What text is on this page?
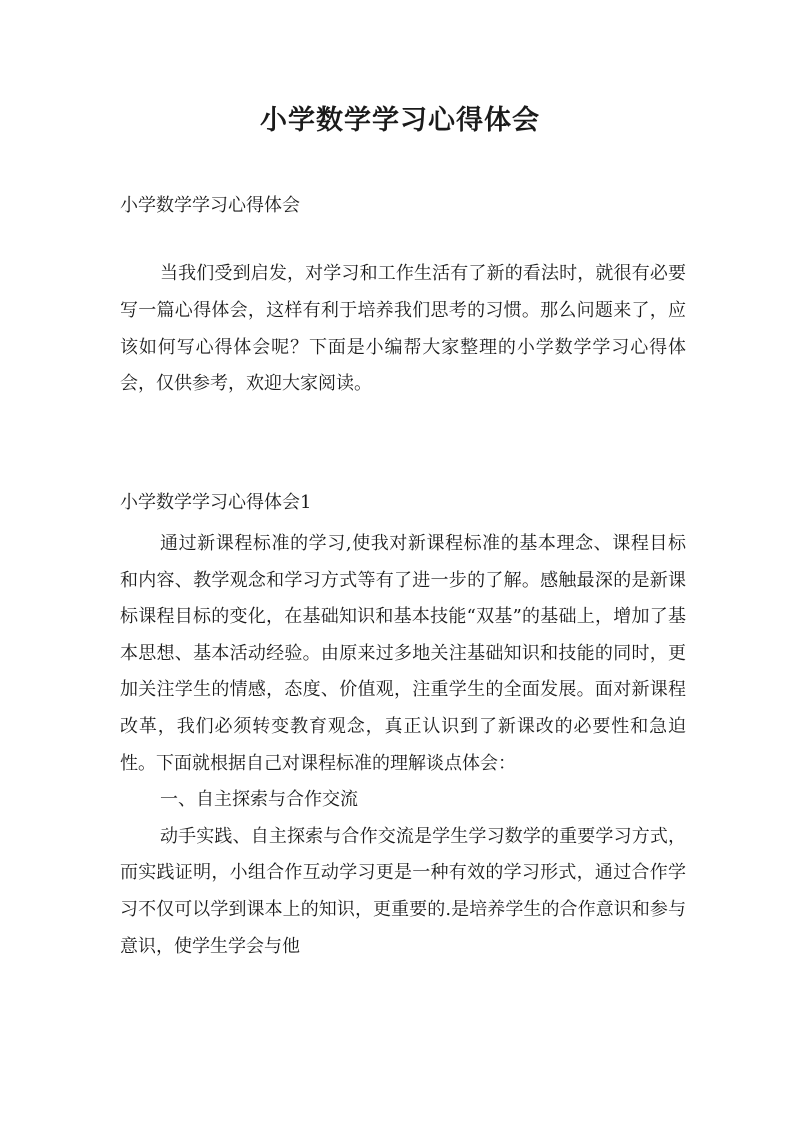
小学数学学习心得体会

小学数学学习心得体会

当我们受到启发，对学习和工作生活有了新的看法时，就很有必要写一篇心得体会，这样有利于培养我们思考的习惯。那么问题来了，应该如何写心得体会呢？下面是小编帮大家整理的小学数学学习心得体会，仅供参考，欢迎大家阅读。

小学数学学习心得体会1

通过新课程标准的学习,使我对新课程标准的基本理念、课程目标和内容、教学观念和学习方式等有了进一步的了解。感触最深的是新课标课程目标的变化，在基础知识和基本技能“双基”的基础上，增加了基本思想、基本活动经验。由原来过多地关注基础知识和技能的同时，更加关注学生的情感，态度、价值观，注重学生的全面发展。面对新课程改革，我们必须转变教育观念，真正认识到了新课改的必要性和急迫性。下面就根据自己对课程标准的理解谈点体会：

一、自主探索与合作交流

动手实践、自主探索与合作交流是学生学习数学的重要学习方式，而实践证明，小组合作互动学习更是一种有效的学习形式，通过合作学习不仅可以学到课本上的知识，更重要的.是培养学生的合作意识和参与意识，使学生学会与他
